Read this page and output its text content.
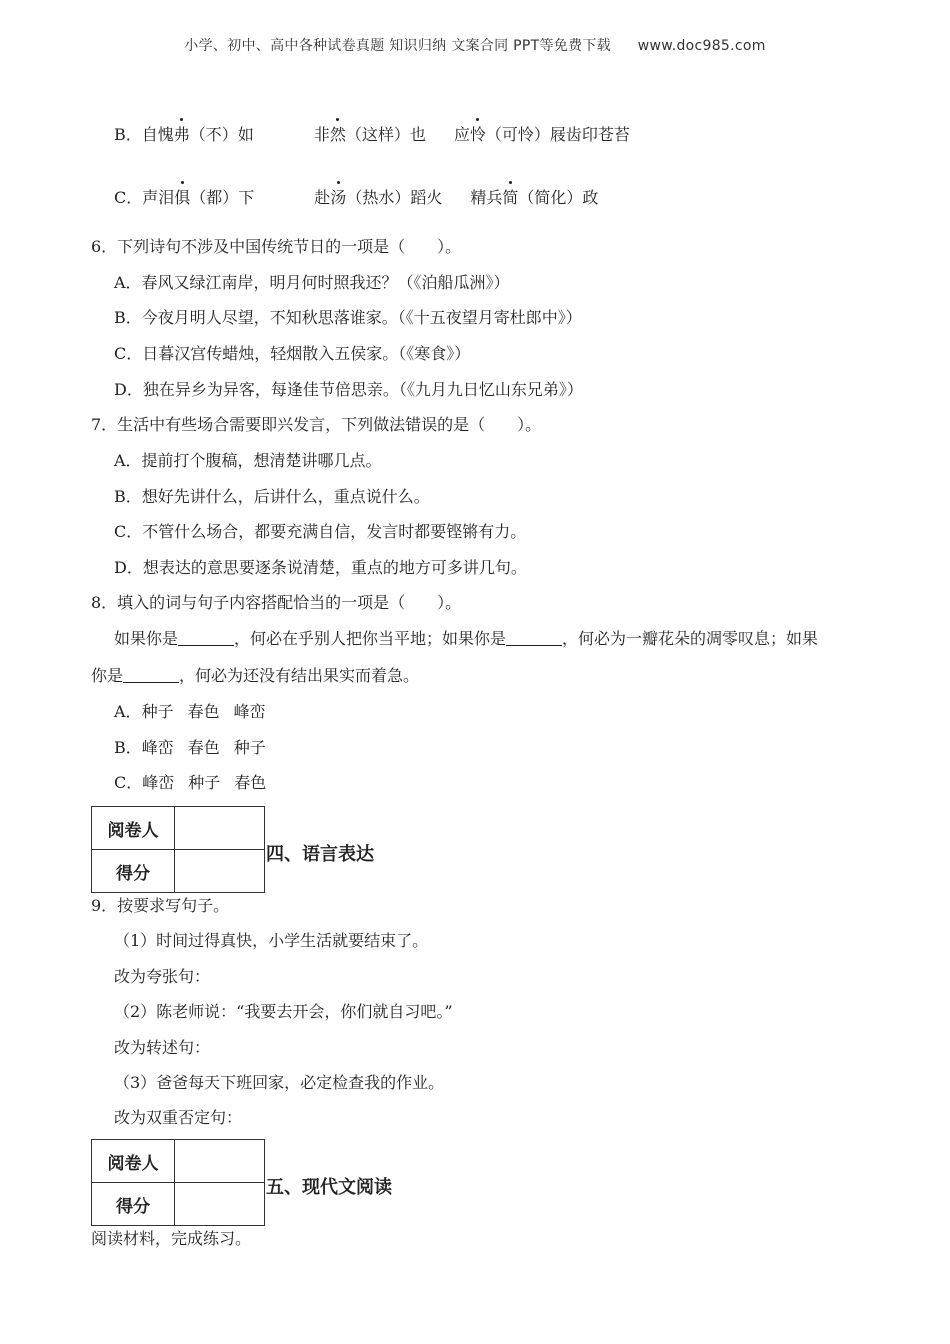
小学、初中、高中各种试卷真题 知识归纳 文案合同 PPT等免费下载 www.doc985.com
B．自愧弗（不）如	非然（这样）也 应怜（可怜）屐齿印苍苔
C．声泪俱（都）下	赴汤（热水）蹈火 精兵简（简化）政
6．下列诗句不涉及中国传统节日的一项是（　　）。
A．春风又绿江南岸，明月何时照我还？（《泊船瓜洲》）
B．今夜月明人尽望，不知秋思落谁家。（《十五夜望月寄杜郎中》）
C．日暮汉宫传蜡烛，轻烟散入五侯家。（《寒食》）
D．独在异乡为异客，每逢佳节倍思亲。（《九月九日忆山东兄弟》）
7．生活中有些场合需要即兴发言，下列做法错误的是（　　）。
A．提前打个腹稿，想清楚讲哪几点。
B．想好先讲什么，后讲什么，重点说什么。
C．不管什么场合，都要充满自信，发言时都要铿锵有力。
D．想表达的意思要逐条说清楚，重点的地方可多讲几句。
8．填入的词与句子内容搭配恰当的一项是（　　）。
如果你是	，何必在乎别人把你当平地；如果你是	，何必为一瓣花朵的凋零叹息；如果
你是	，何必为还没有结出果实而着急。
A．种子 春色 峰峦
B．峰峦 春色 种子
C．峰峦 种子 春色
阅卷人	
得分	
四、语言表达
9．按要求写句子。
（1）时间过得真快，小学生活就要结束了。
改为夸张句：
（2）陈老师说：“我要去开会，你们就自习吧。”
改为转述句：
（3）爸爸每天下班回家，必定检查我的作业。
改为双重否定句：
阅卷人	
得分	
五、现代文阅读
阅读材料，完成练习。
